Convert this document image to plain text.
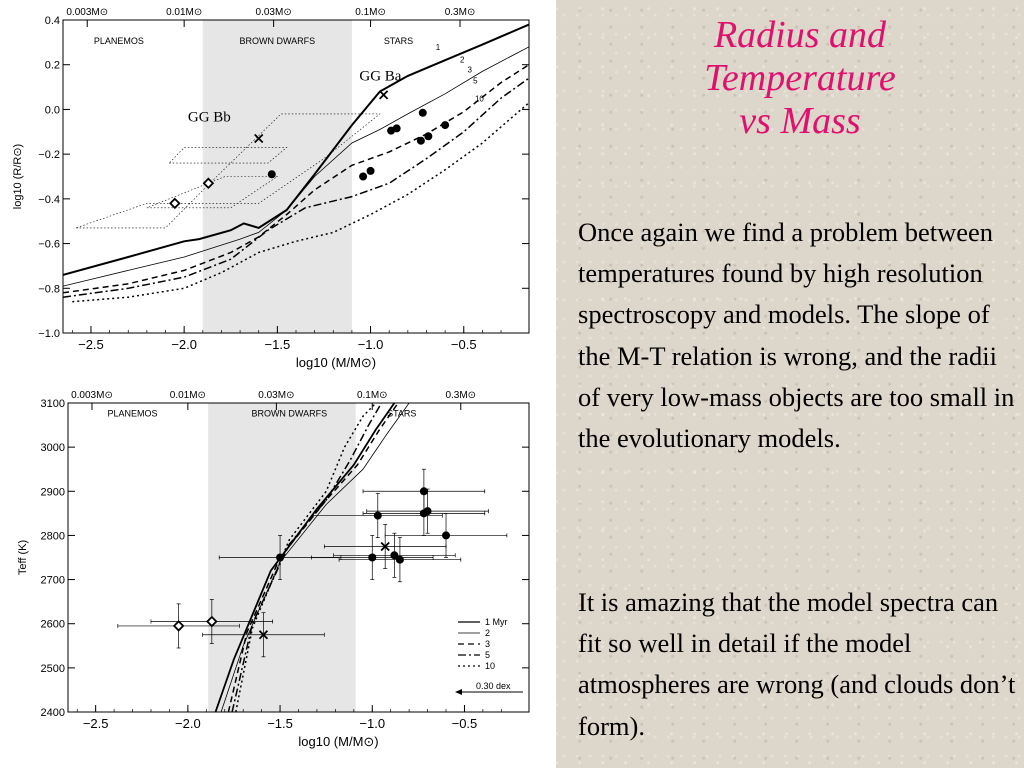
PLANEMOS	BROWN DWARFS	STARS
GG Ba
GG Bb
1
2
3
5
10
−2.5	−2.0	−1.5	−1.0	−0.5
−1.0
−0.8
−0.6
−0.4
−0.2
0.0
0.2
0.4
0.003M⊙	0.01M⊙	0.03M⊙	0.1M⊙	0.3M⊙
log10 (M/M⊙)
log10 (R/R⊙)
PLANEMOS	BROWN DWARFS	STARS
1 Myr
2
3
5
10
0.30 dex
−2.5	−2.0	−1.5	−1.0	−0.5
2400
2500
2600
2700
2800
2900
3000
3100
0.003M⊙	0.01M⊙	0.03M⊙	0.1M⊙	0.3M⊙
log10 (M/M⊙)
Teff (K)
Radius and
Temperature
vs Mass

Once again we find a problem between temperatures found by high resolution spectroscopy and models. The slope of the M-T relation is wrong, and the radii of very low-mass objects are too small in the evolutionary models.

It is amazing that the model spectra can fit so well in detail if the model atmospheres are wrong (and clouds don’t form).
